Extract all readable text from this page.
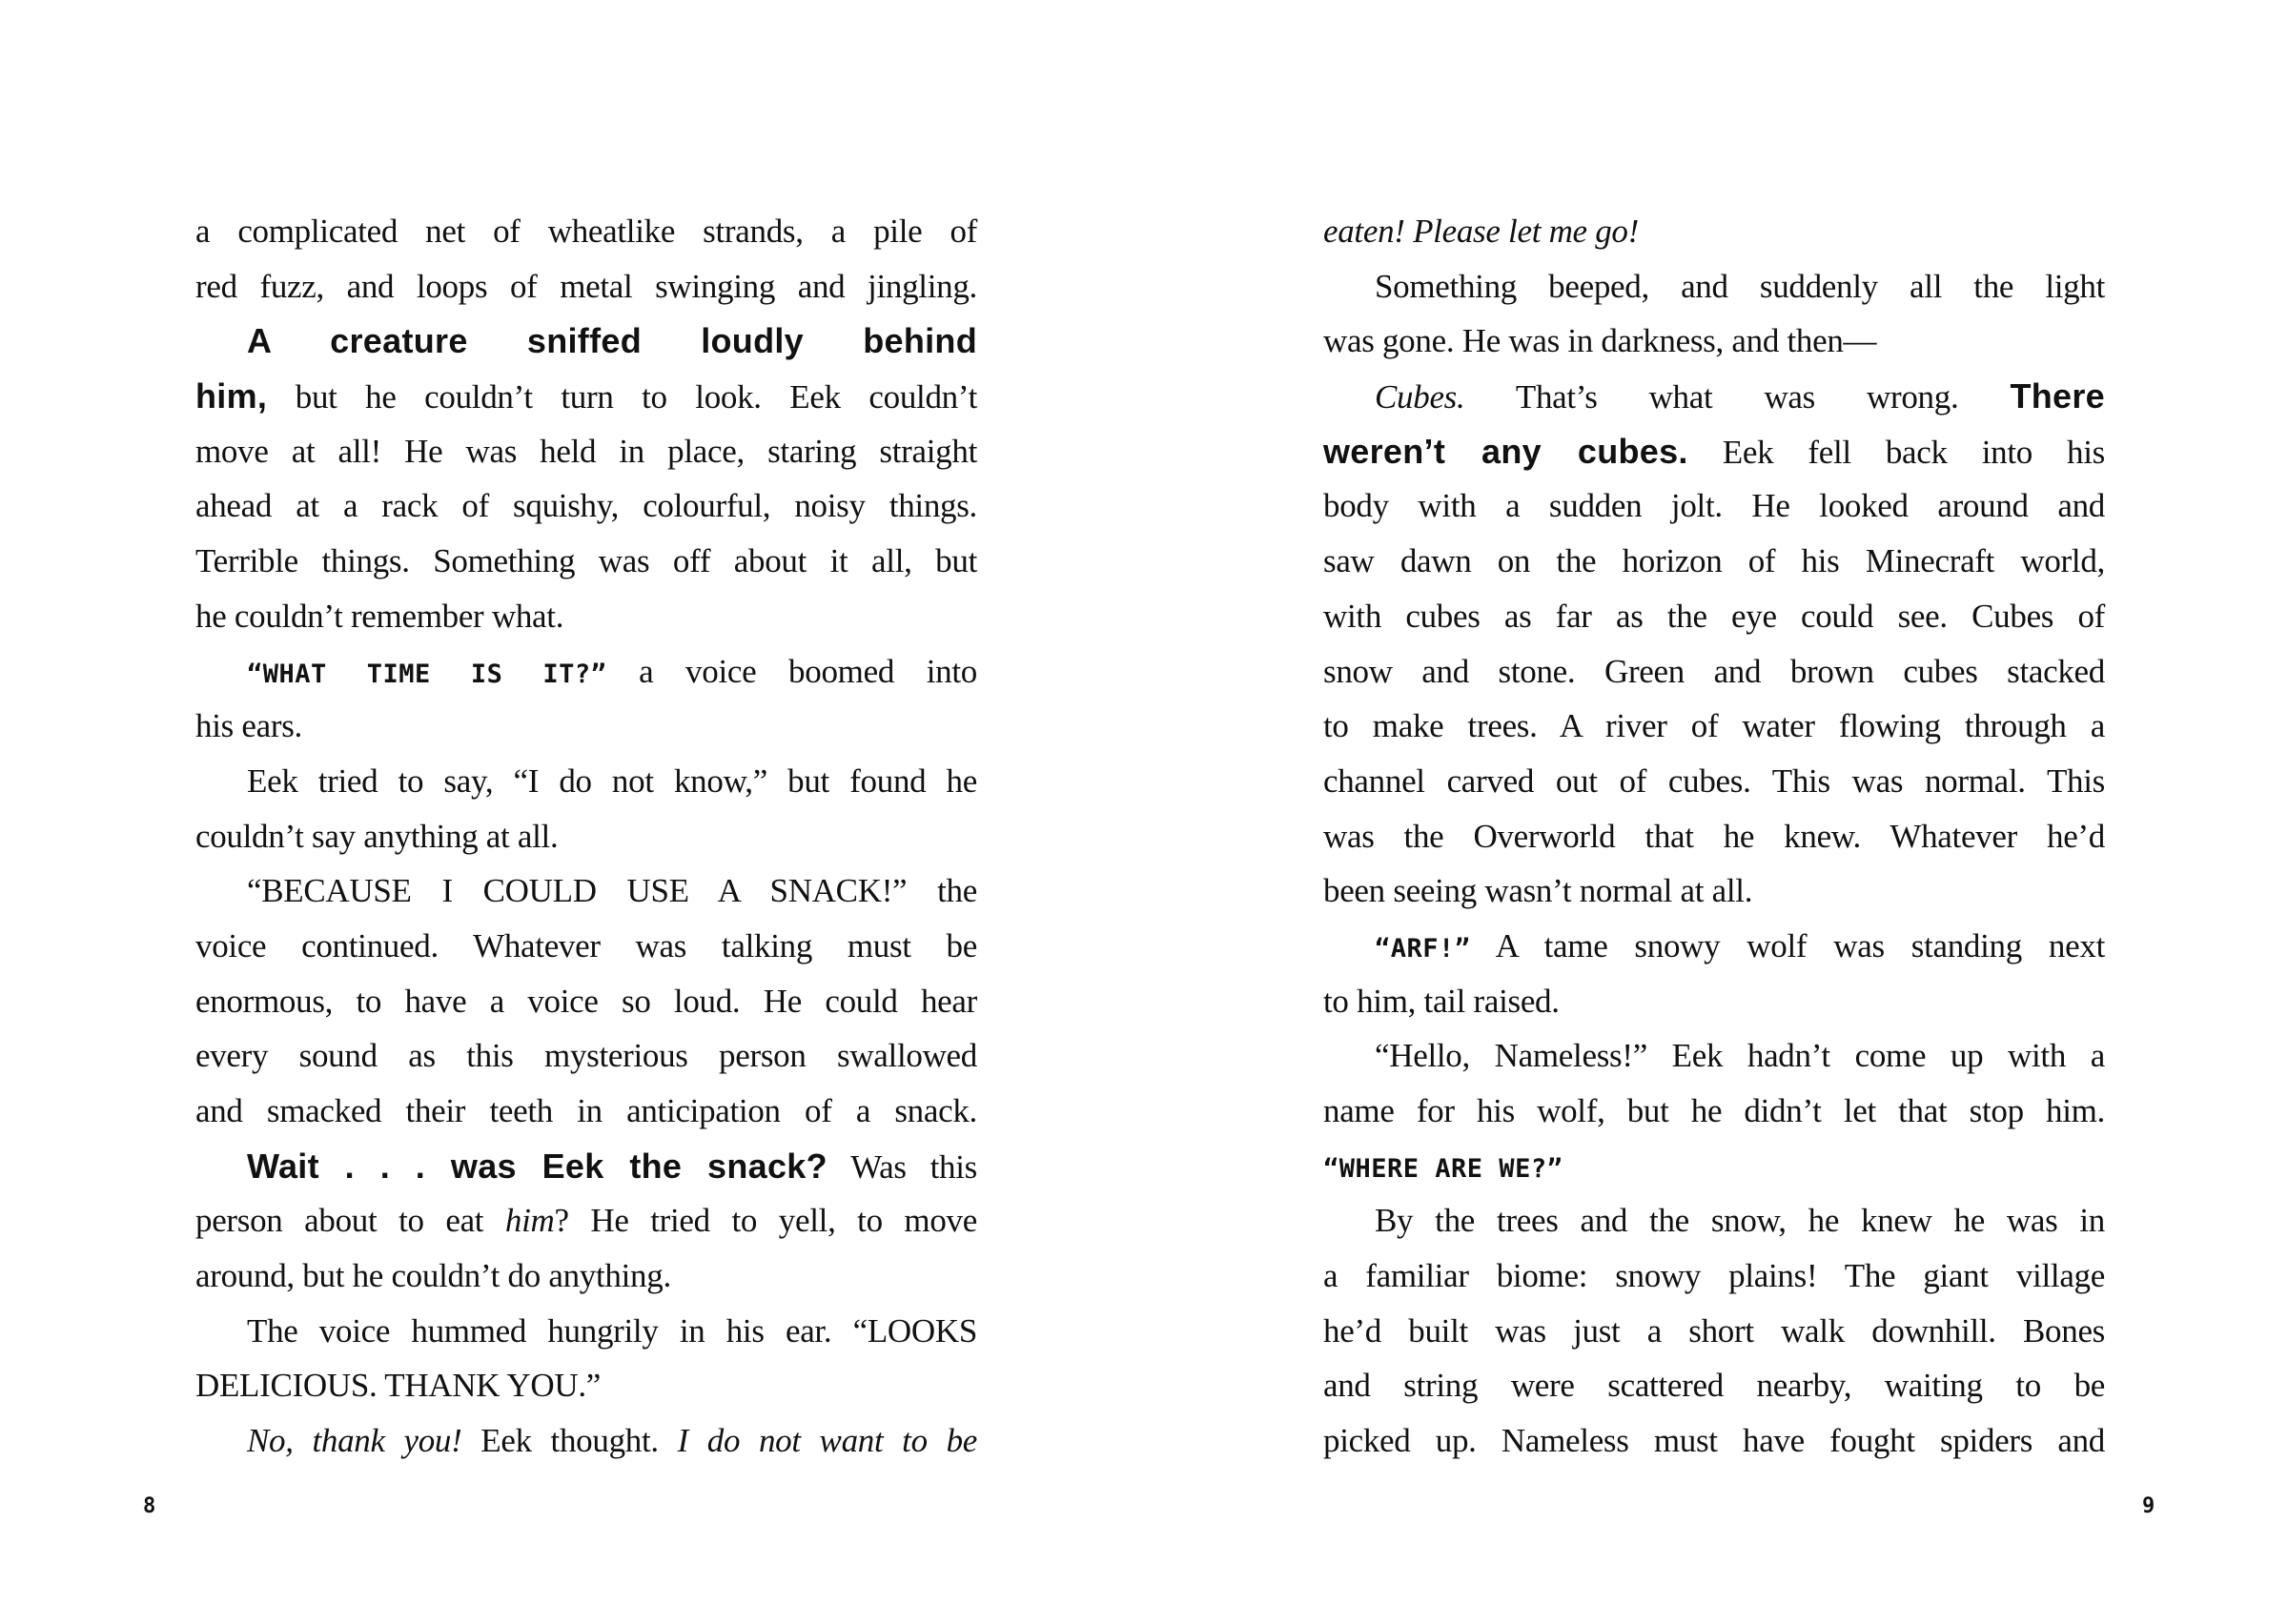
a complicated net of wheatlike strands, a pile of
red fuzz, and loops of metal swinging and jingling.
A creature sniffed loudly behind
him, but he couldn’t turn to look. Eek couldn’t
move at all! He was held in place, staring straight
ahead at a rack of squishy, colourful, noisy things.
Terrible things. Something was off about it all, but
he couldn’t remember what.
“WHAT TIME IS IT?” a voice boomed into
his ears.
Eek tried to say, “I do not know,” but found he
couldn’t say anything at all.
“BECAUSE I COULD USE A SNACK!” the
voice continued. Whatever was talking must be
enormous, to have a voice so loud. He could hear
every sound as this mysterious person swallowed
and smacked their teeth in anticipation of a snack.
Wait . . . was Eek the snack? Was this
person about to eat him? He tried to yell, to move
around, but he couldn’t do anything.
The voice hummed hungrily in his ear. “LOOKS
DELICIOUS. THANK YOU.”
No, thank you! Eek thought. I do not want to be
eaten! Please let me go!
Something beeped, and suddenly all the light
was gone. He was in darkness, and then—
Cubes. That’s what was wrong. There
weren’t any cubes. Eek fell back into his
body with a sudden jolt. He looked around and
saw dawn on the horizon of his Minecraft world,
with cubes as far as the eye could see. Cubes of
snow and stone. Green and brown cubes stacked
to make trees. A river of water flowing through a
channel carved out of cubes. This was normal. This
was the Overworld that he knew. Whatever he’d
been seeing wasn’t normal at all.
“ARF!” A tame snowy wolf was standing next
to him, tail raised.
“Hello, Nameless!” Eek hadn’t come up with a
name for his wolf, but he didn’t let that stop him.
“WHERE ARE WE?”
By the trees and the snow, he knew he was in
a familiar biome: snowy plains! The giant village
he’d built was just a short walk downhill. Bones
and string were scattered nearby, waiting to be
picked up. Nameless must have fought spiders and
8	9
